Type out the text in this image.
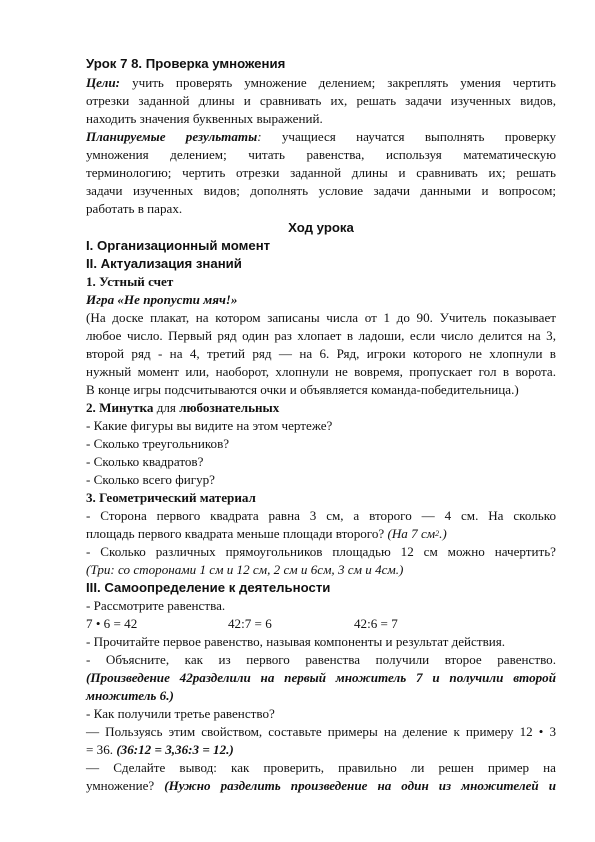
Урок 7 8. Проверка умножения
Цели: учить проверять умножение делением; закреплять умения чертить
отрезки заданной длины и сравнивать их, решать задачи изученных видов,
находить значения буквенных выражений.
Планируемые результаты: учащиеся научатся выполнять проверку
умножения делением; читать равенства, используя математическую
терминологию; чертить отрезки заданной длины и сравнивать их; решать
задачи изученных видов; дополнять условие задачи данными и вопросом;
работать в парах.
Ход урока
I. Организационный момент
II. Актуализация знаний
1. Устный счет
Игра «Не пропусти мяч!»
(На доске плакат, на котором записаны числа от 1 до 90. Учитель показывает
любое число. Первый ряд один раз хлопает в ладоши, если число делится на 3,
второй ряд - на 4, третий ряд — на 6. Ряд, игроки которого не хлопнули в
нужный момент или, наоборот, хлопнули не вовремя, пропускает гол в ворота.
В конце игры подсчитываются очки и объявляется команда-победительница.)
2. Минутка для любознательных
- Какие фигуры вы видите на этом чертеже?
- Сколько треугольников?
- Сколько квадратов?
- Сколько всего фигур?
3. Геометрический материал
- Сторона первого квадрата равна 3 см, а второго — 4 см. На сколько
площадь первого квадрата меньше площади второго? (На 7 $см^2$.)
- Сколько различных прямоугольников площадью 12 см можно начертить?
(Три: со сторонами 1 см и 12 см, 2 см и 6см, 3 см и 4см.)
III. Самоопределение к деятельности
- Рассмотрите равенства.
7 • 6 = 42	42:7 = 6	42:6 = 7
- Прочитайте первое равенство, называя компоненты и результат действия.
- Объясните, как из первого равенства получили второе равенство.
(Произведение 42разделили на первый множитель 7 и получили второй
множитель 6.)
- Как получили третье равенство?
— Пользуясь этим свойством, составьте примеры на деление к примеру 12 • 3
= 36. (36:12 = 3,36:3 = 12.)
— Сделайте вывод: как проверить, правильно ли решен пример на
умножение? (Нужно разделить произведение на один из множителей и
